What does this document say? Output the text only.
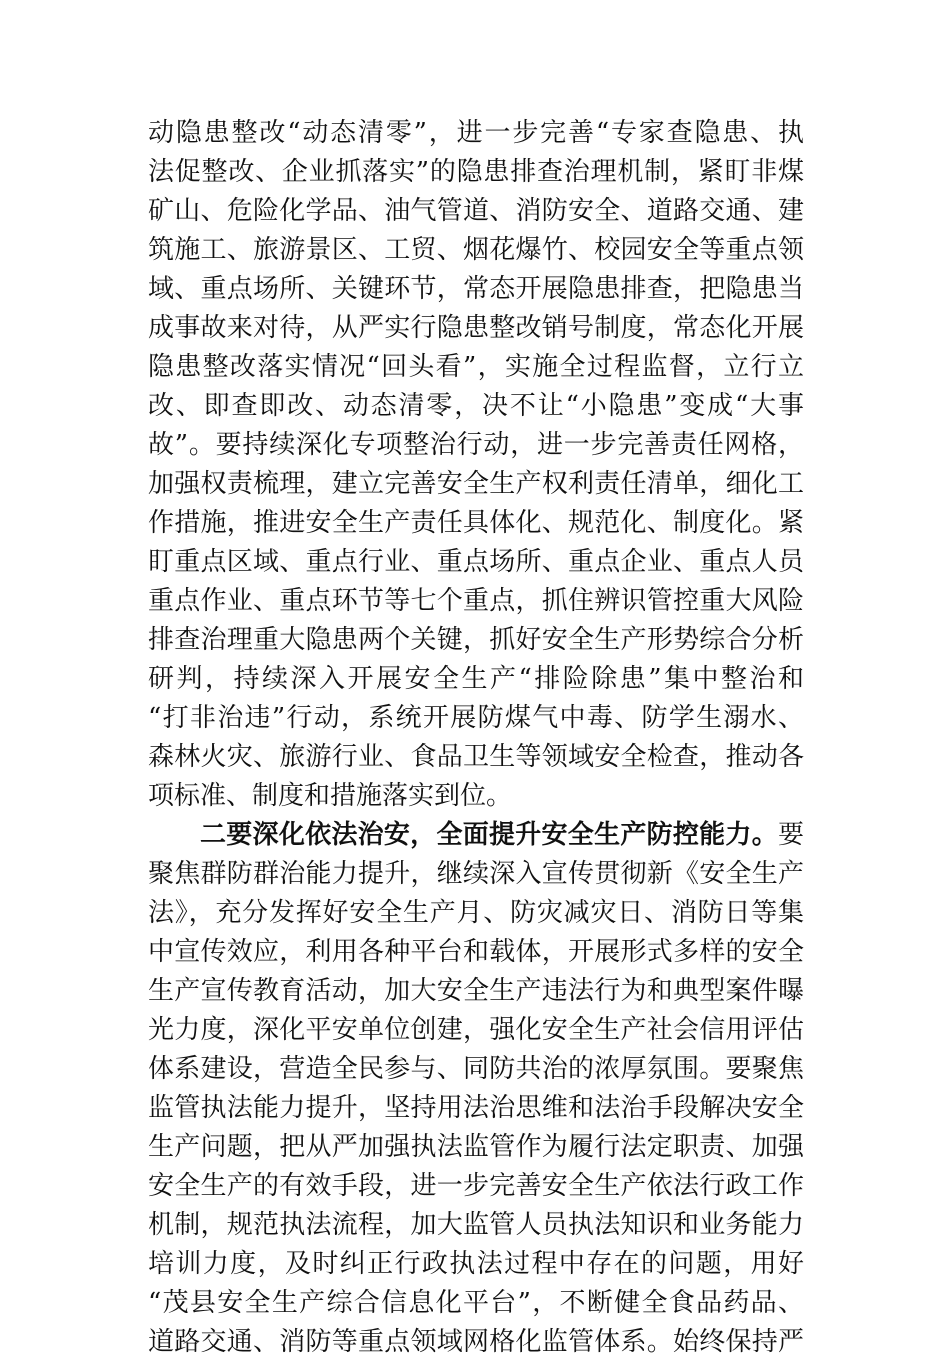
动隐患整改“动态清零”，进一步完善“专家查隐患、执
法促整改、企业抓落实”的隐患排查治理机制，紧盯非煤
矿山、危险化学品、油气管道、消防安全、道路交通、建
筑施工、旅游景区、工贸、烟花爆竹、校园安全等重点领
域、重点场所、关键环节，常态开展隐患排查，把隐患当
成事故来对待，从严实行隐患整改销号制度，常态化开展
隐患整改落实情况“回头看”，实施全过程监督，立行立
改、即查即改、动态清零，决不让“小隐患”变成“大事
故”。要持续深化专项整治行动，进一步完善责任网格，
加强权责梳理，建立完善安全生产权利责任清单，细化工
作措施，推进安全生产责任具体化、规范化、制度化。紧
盯重点区域、重点行业、重点场所、重点企业、重点人员
重点作业、重点环节等七个重点，抓住辨识管控重大风险
排查治理重大隐患两个关键，抓好安全生产形势综合分析
研判，持续深入开展安全生产“排险除患”集中整治和
“打非治违”行动，系统开展防煤气中毒、防学生溺水、
森林火灾、旅游行业、食品卫生等领域安全检查，推动各
项标准、制度和措施落实到位。
二要深化依法治安，全面提升安全生产防控能力。要
聚焦群防群治能力提升，继续深入宣传贯彻新《安全生产
法》，充分发挥好安全生产月、防灾减灾日、消防日等集
中宣传效应，利用各种平台和载体，开展形式多样的安全
生产宣传教育活动，加大安全生产违法行为和典型案件曝
光力度，深化平安单位创建，强化安全生产社会信用评估
体系建设，营造全民参与、同防共治的浓厚氛围。要聚焦
监管执法能力提升，坚持用法治思维和法治手段解决安全
生产问题，把从严加强执法监管作为履行法定职责、加强
安全生产的有效手段，进一步完善安全生产依法行政工作
机制，规范执法流程，加大监管人员执法知识和业务能力
培训力度，及时纠正行政执法过程中存在的问题，用好
“茂县安全生产综合信息化平台”，不断健全食品药品、
道路交通、消防等重点领域网格化监管体系。始终保持严
